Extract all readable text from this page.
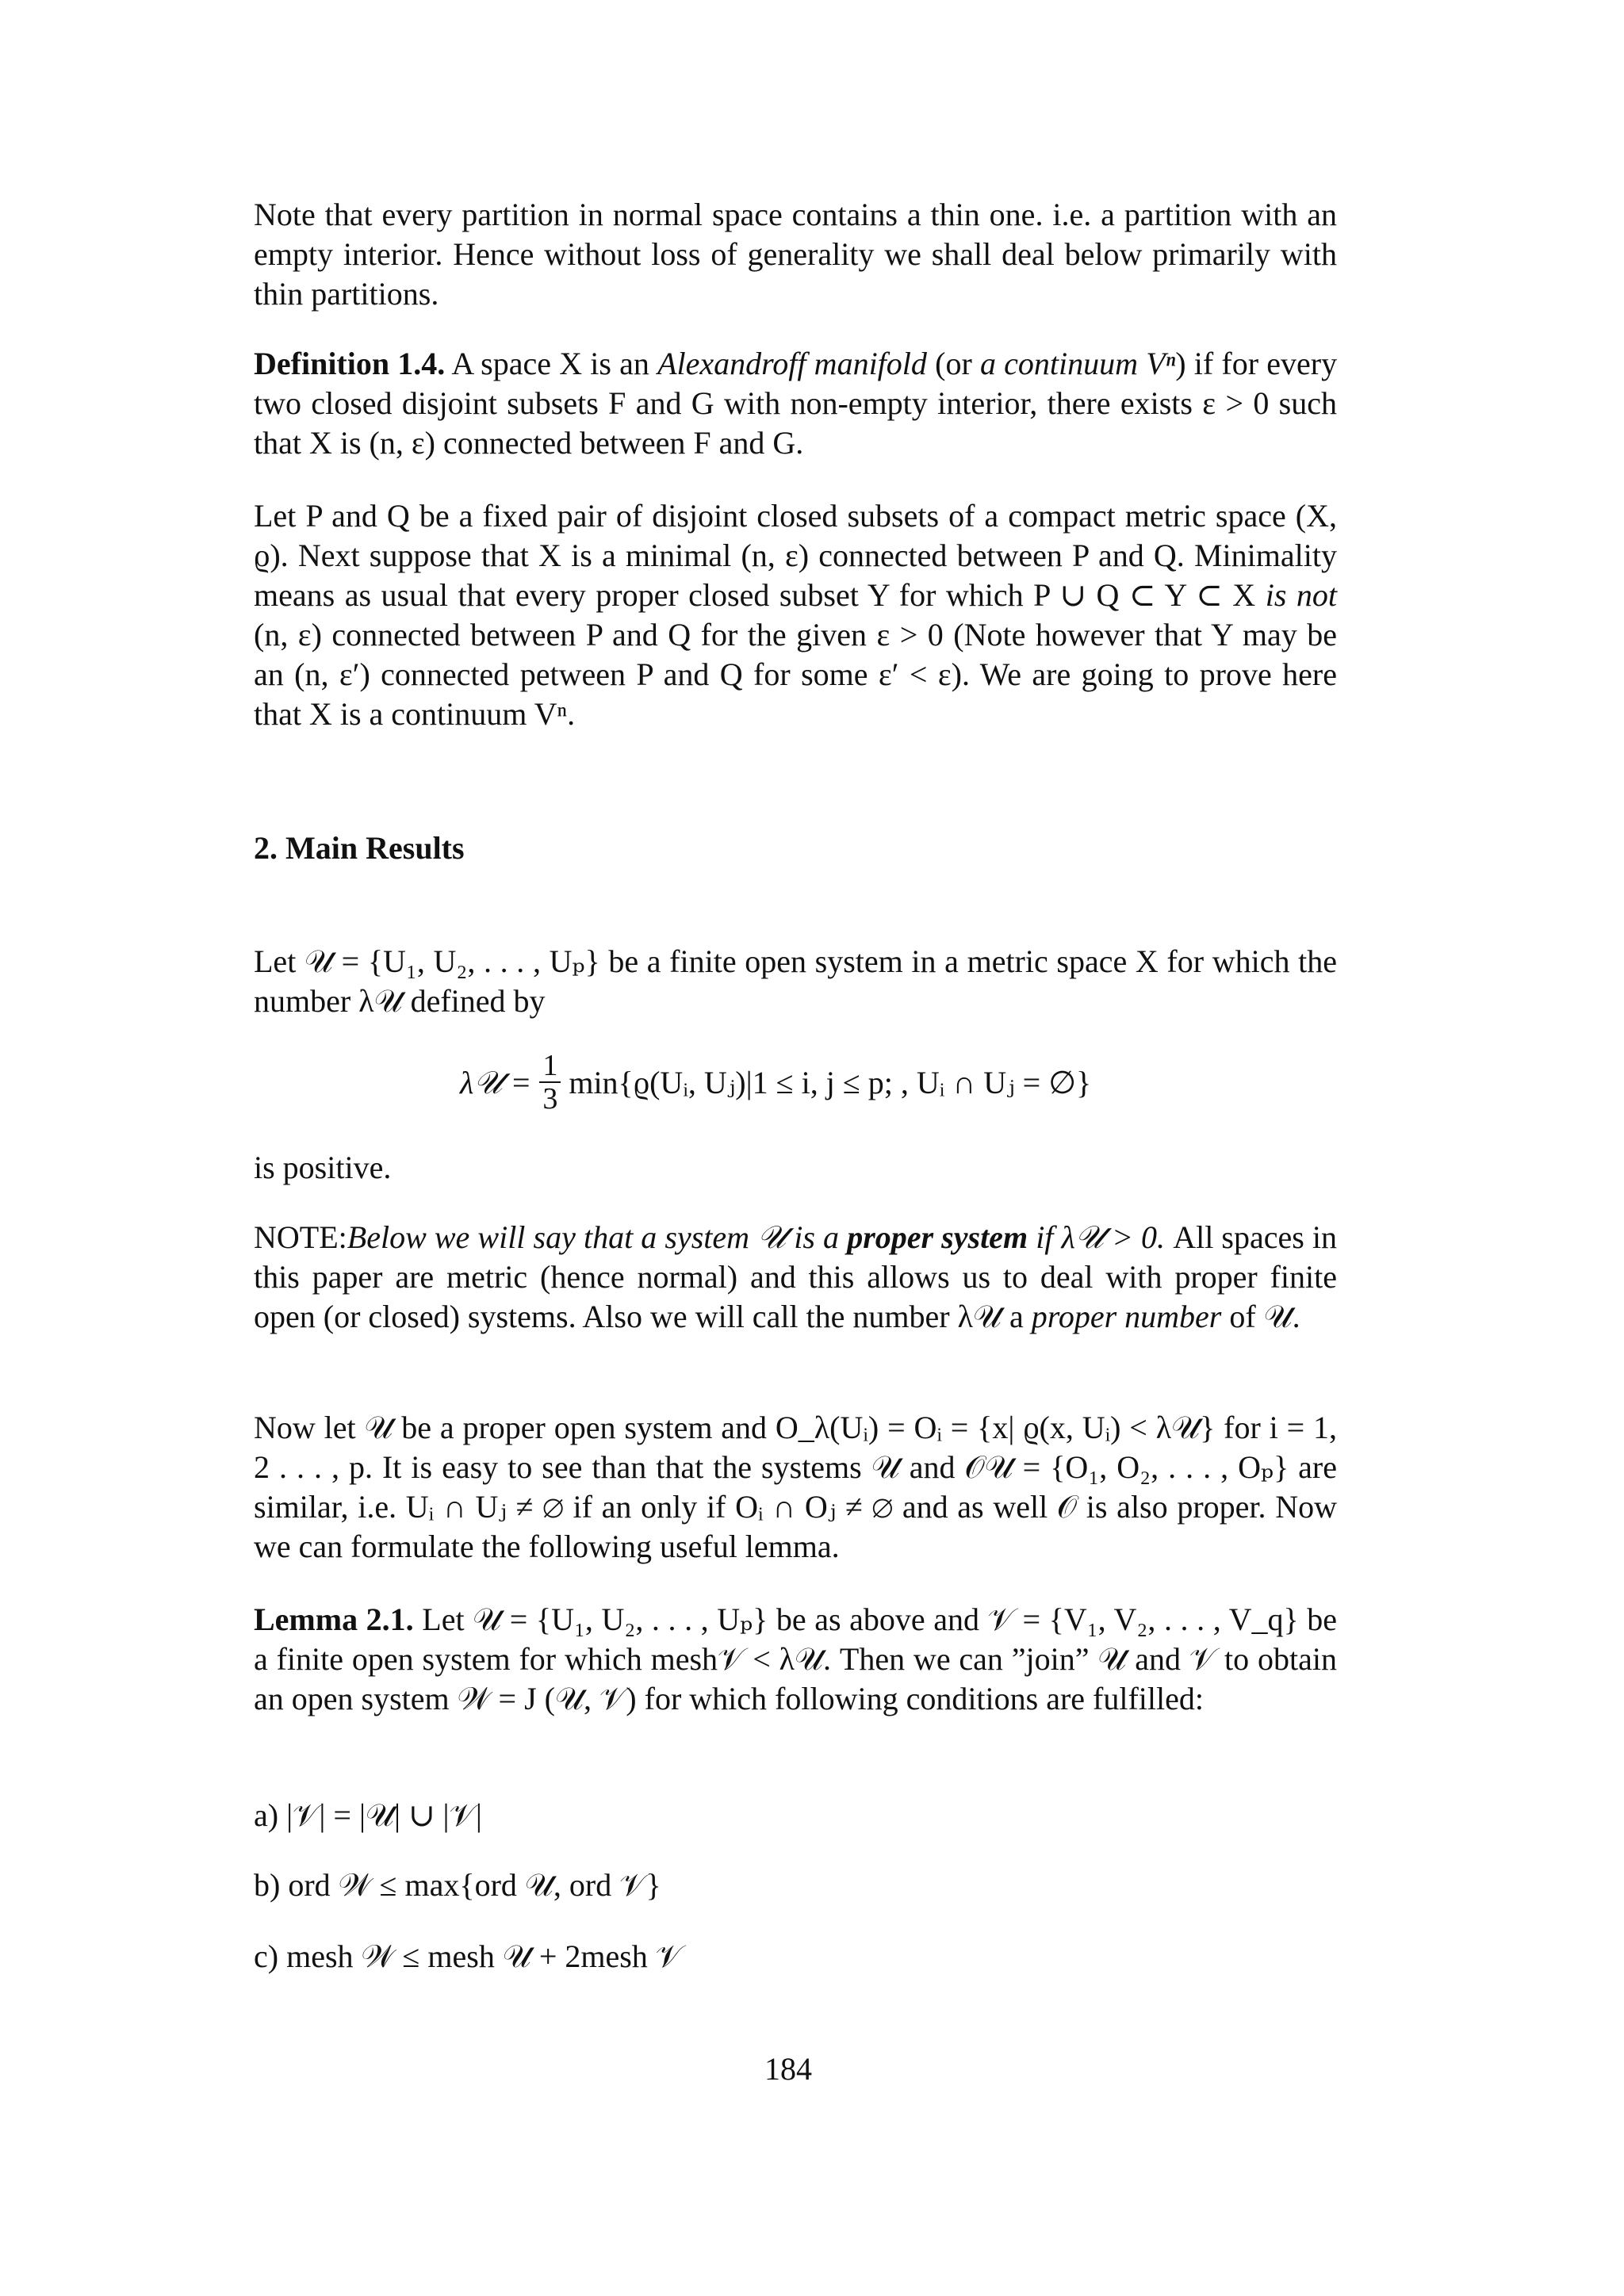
Note that every partition in normal space contains a thin one. i.e. a partition with an empty interior. Hence without loss of generality we shall deal below primarily with thin partitions.

Definition 1.4. A space X is an Alexandroff manifold (or a continuum Vⁿ) if for every two closed disjoint subsets F and G with non-empty interior, there exists ε > 0 such that X is (n, ε) connected between F and G.

Let P and Q be a fixed pair of disjoint closed subsets of a compact metric space (X, ϱ). Next suppose that X is a minimal (n, ε) connected between P and Q. Minimality means as usual that every proper closed subset Y for which P ∪ Q ⊂ Y ⊂ X is not (n, ε) connected between P and Q for the given ε > 0 (Note however that Y may be an (n, ε′) connected petween P and Q for some ε′ < ε). We are going to prove here that X is a continuum Vⁿ.

2. Main Results

Let 𝒰 = {U₁, U₂, . . . , Uₚ} be a finite open system in a metric space X for which the number λ𝒰 defined by

λ𝒰 = $\frac{1}{3}$ min{ϱ(Uᵢ, Uⱼ)|1 ≤ i, j ≤ p; , Uᵢ ∩ Uⱼ = ∅}

is positive.

NOTE:Below we will say that a system 𝒰 is a proper system if λ𝒰 > 0. All spaces in this paper are metric (hence normal) and this allows us to deal with proper finite open (or closed) systems. Also we will call the number λ𝒰 a proper number of 𝒰.

Now let 𝒰 be a proper open system and O_λ(Uᵢ) = Oᵢ = {x| ϱ(x, Uᵢ) < λ𝒰} for i = 1, 2 . . . , p. It is easy to see than that the systems 𝒰 and 𝒪𝒰 = {O₁, O₂, . . . , Oₚ} are similar, i.e. Uᵢ ∩ Uⱼ ≠ ∅ if an only if Oᵢ ∩ Oⱼ ≠ ∅ and as well 𝒪 is also proper. Now we can formulate the following useful lemma.

Lemma 2.1. Let 𝒰 = {U₁, U₂, . . . , Uₚ} be as above and 𝒱 = {V₁, V₂, . . . , V_q} be a finite open system for which mesh𝒱 < λ𝒰. Then we can ”join” 𝒰 and 𝒱 to obtain an open system 𝒲 = J (𝒰, 𝒱) for which following conditions are fulfilled:

a) |𝒱| = |𝒰| ∪ |𝒱|
b) ord 𝒲 ≤ max{ord 𝒰, ord 𝒱}
c) mesh 𝒲 ≤ mesh 𝒰 + 2mesh 𝒱
184
